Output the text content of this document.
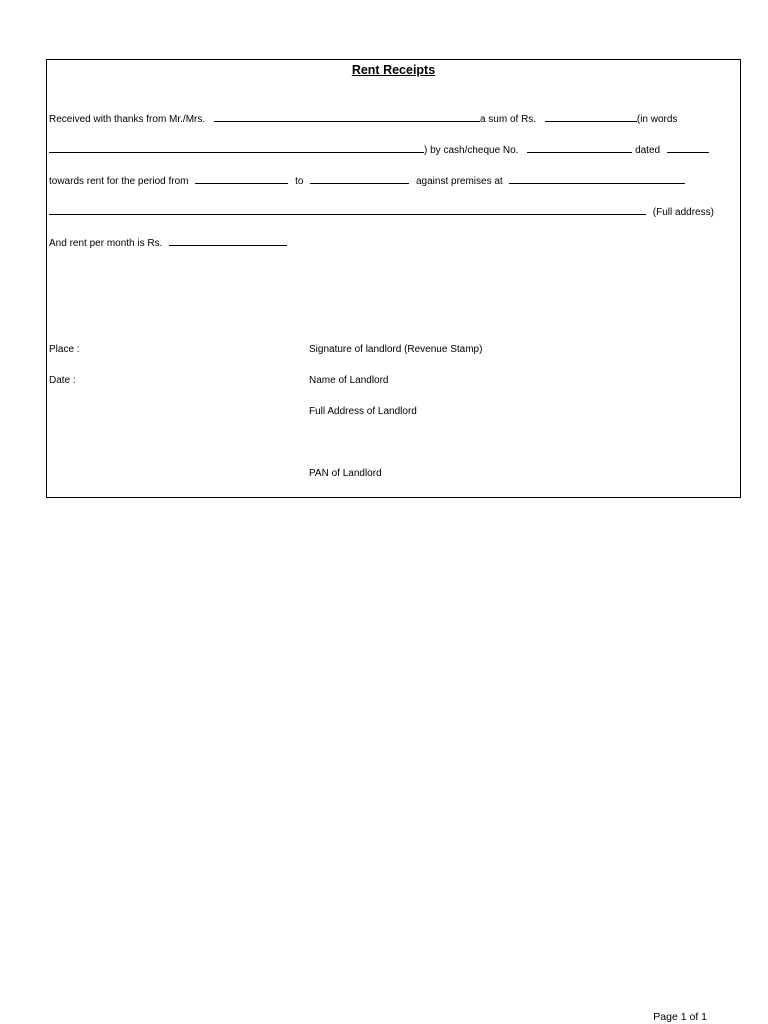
Rent Receipts
Received with thanks from Mr./Mrs.	a sum of Rs.	(in words
) by cash/cheque No.	dated
towards rent for the period from	to	against premises at
(Full address)
And rent per month is Rs.
Place :	Signature of landlord (Revenue Stamp)
Date :	Name of Landlord
Full Address of Landlord
PAN of Landlord
Page 1 of 1
